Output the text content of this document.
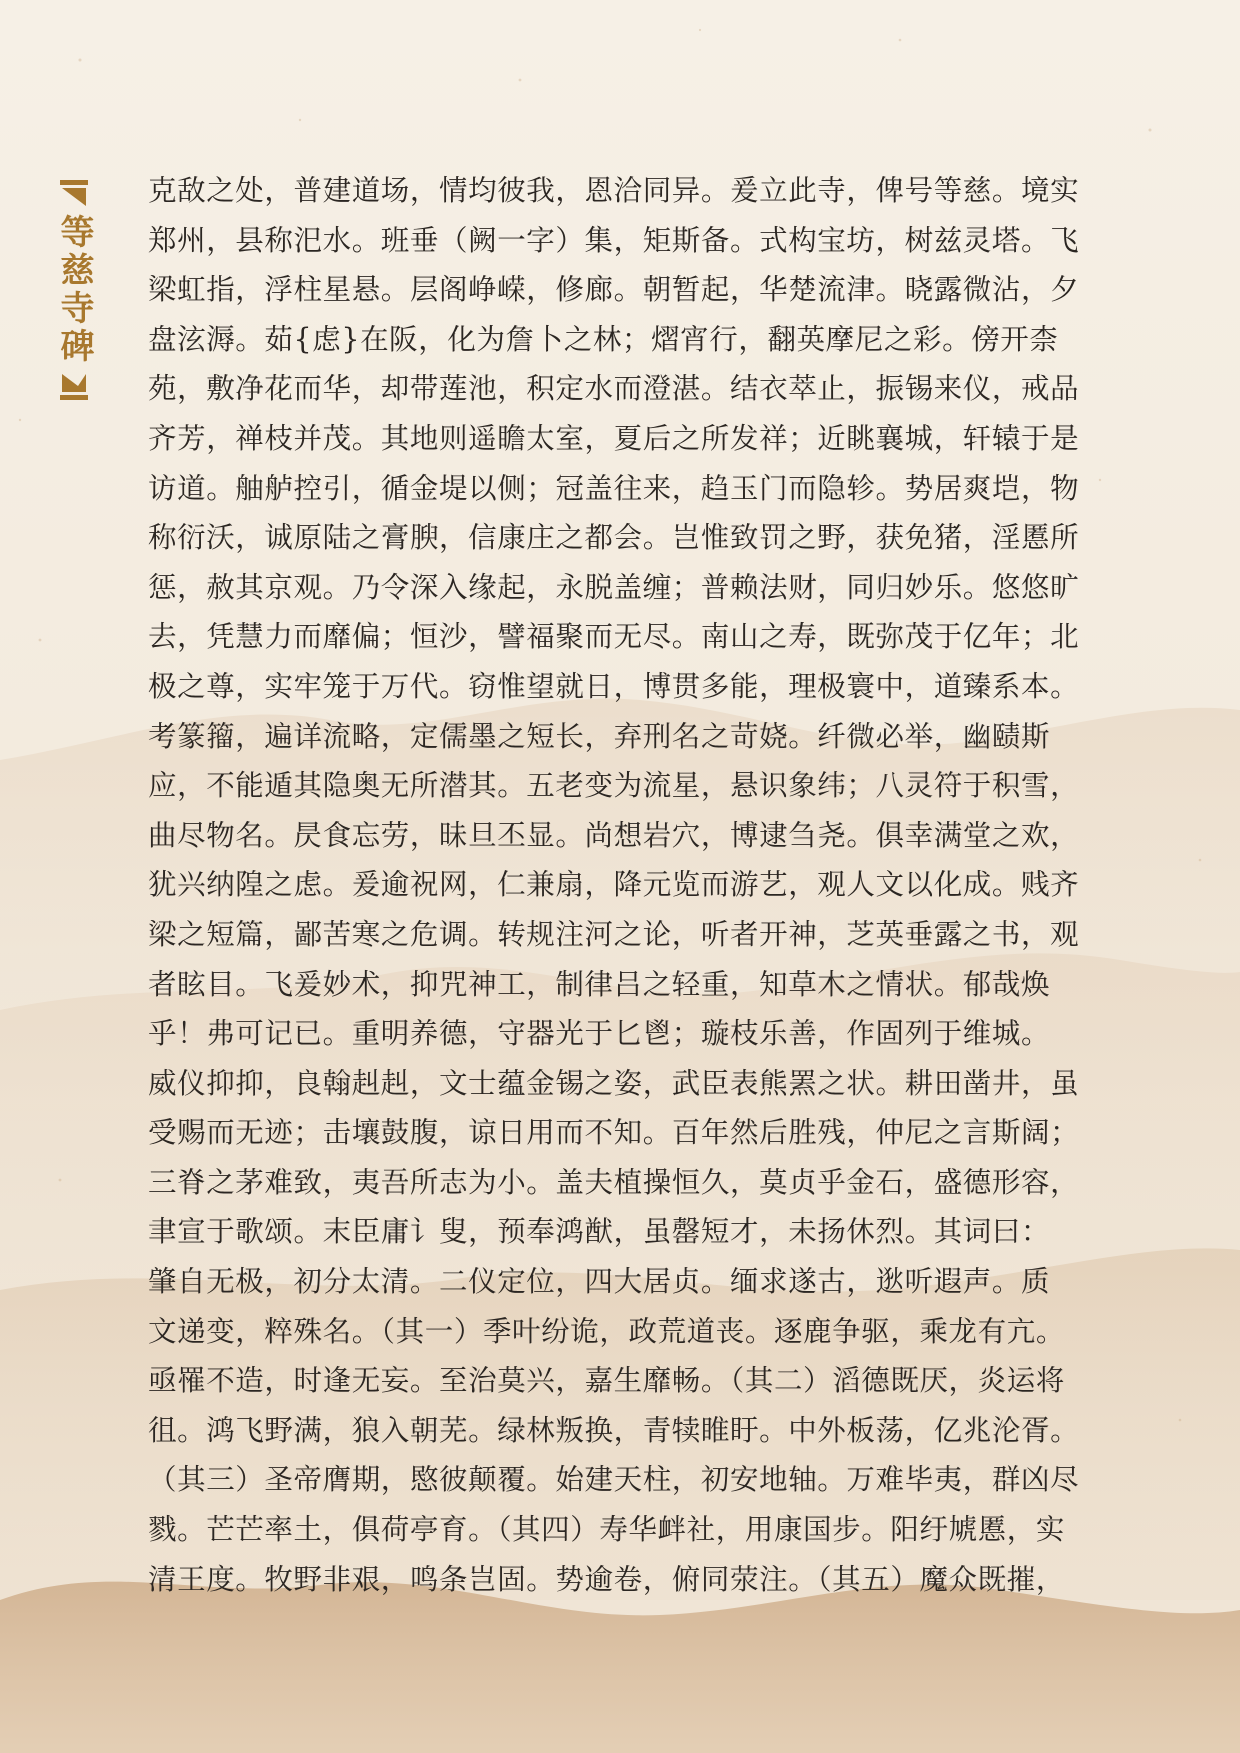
等慈寺碑
克敌之处，普建道场，情均彼我，恩洽同异。爰立此寺，俾号等慈。境实
郑州，县称汜水。班垂（阙一字）集，矩斯备。式构宝坊，树兹灵塔。飞
梁虹指，浮柱星悬。层阁峥嵘，修廊。朝暂起，华楚流津。晓露微沾，夕
盘泫溽。茹{虑}在阪，化为詹卜之林；熠宵行，翻英摩尼之彩。傍开柰
苑，敷净花而华，却带莲池，积定水而澄湛。结衣萃止，振锡来仪，戒品
齐芳，禅枝并茂。其地则遥瞻太室，夏后之所发祥；近眺襄城，轩辕于是
访道。舳舻控引，循金堤以侧；冠盖往来，趋玉门而隐轸。势居爽垲，物
称衍沃，诚原陆之膏腴，信康庄之都会。岂惟致罚之野，获免猪，淫慝所
惩，赦其京观。乃令深入缘起，永脱盖缠；普赖法财，同归妙乐。悠悠旷
去，凭慧力而靡偏；恒沙，譬福聚而无尽。南山之寿，既弥茂于亿年；北
极之尊，实牢笼于万代。窃惟望就日，博贯多能，理极寰中，道臻系本。
考篆籀，遍详流略，定儒墨之短长，弃刑名之苛娆。纤微必举，幽赜斯
应，不能遁其隐奥无所潜其。五老变为流星，悬识象纬；八灵符于积雪，
曲尽物名。昃食忘劳，昧旦丕显。尚想岩穴，博逮刍尧。俱幸满堂之欢，
犹兴纳隍之虑。爰逾祝网，仁兼扇，降元览而游艺，观人文以化成。贱齐
梁之短篇，鄙苦寒之危调。转规注河之论，听者开神，芝英垂露之书，观
者眩目。飞爰妙术，抑咒神工，制律吕之轻重，知草木之情状。郁哉焕
乎！弗可记已。重明养德，守器光于匕鬯；璇枝乐善，作固列于维城。
威仪抑抑，良翰赳赳，文士蕴金锡之姿，武臣表熊罴之状。耕田凿井，虽
受赐而无迹；击壤鼓腹，谅日用而不知。百年然后胜残，仲尼之言斯阔；
三脊之茅难致，夷吾所志为小。盖夫植操恒久，莫贞乎金石，盛德形容，
聿宣于歌颂。末臣庸讠叟，预奉鸿猷，虽罄短才，未扬休烈。其词曰：
肇自无极，初分太清。二仪定位，四大居贞。缅求遂古，逖听遐声。质
文递变，粹殊名。（其一）季叶纷诡，政荒道丧。逐鹿争驱，乘龙有亢。
亟罹不造，时逢无妄。至治莫兴，嘉生靡畅。（其二）滔德既厌，炎运将
徂。鸿飞野满，狼入朝芜。绿林叛换，青犊睢盱。中外板荡，亿兆沦胥。
（其三）圣帝膺期，愍彼颠覆。始建天柱，初安地轴。万难毕夷，群凶尽
戮。芒芒率土，俱荷亭育。（其四）寿华衅社，用康国步。阳纡虓慝，实
清王度。牧野非艰，鸣条岂固。势逾卷，俯同荥注。（其五）魔众既摧，
